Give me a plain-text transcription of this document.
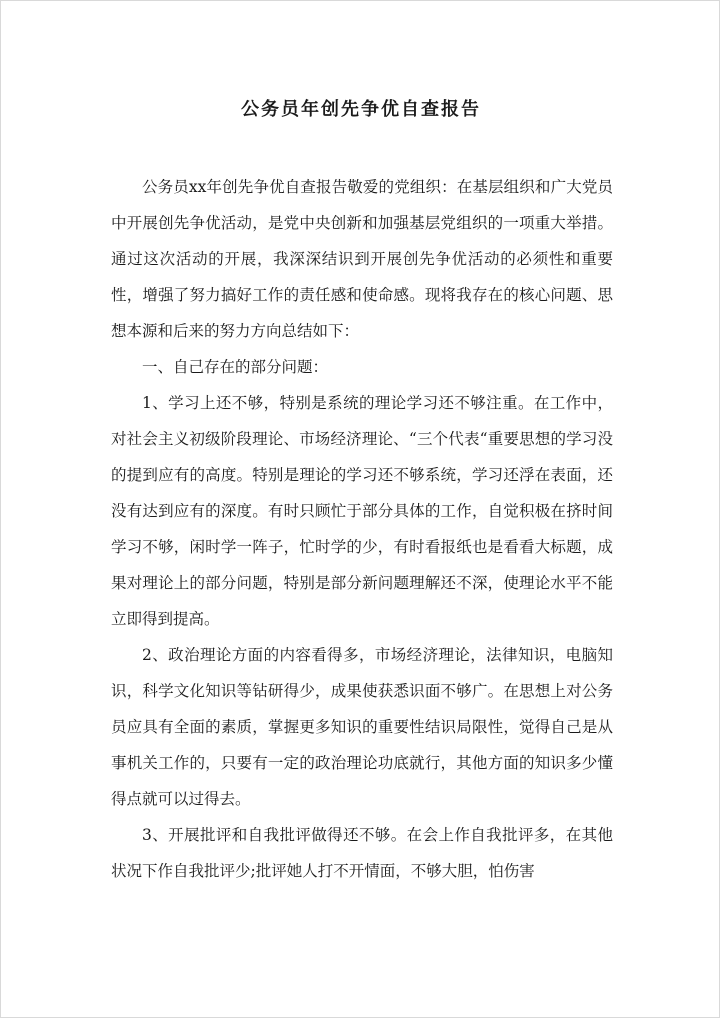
公务员年创先争优自查报告

公务员xx年创先争优自查报告敬爱的党组织：在基层组织和广大党员中开展创先争优活动，是党中央创新和加强基层党组织的一项重大举措。通过这次活动的开展，我深深结识到开展创先争优活动的必须性和重要性，增强了努力搞好工作的责任感和使命感。现将我存在的核心问题、思想本源和后来的努力方向总结如下：

一、自己存在的部分问题：

1、学习上还不够，特别是系统的理论学习还不够注重。在工作中，对社会主义初级阶段理论、市场经济理论、“三个代表“重要思想的学习没的提到应有的高度。特别是理论的学习还不够系统，学习还浮在表面，还没有达到应有的深度。有时只顾忙于部分具体的工作，自觉积极在挤时间学习不够，闲时学一阵子，忙时学的少，有时看报纸也是看看大标题，成果对理论上的部分问题，特别是部分新问题理解还不深，使理论水平不能立即得到提高。

2、政治理论方面的内容看得多，市场经济理论，法律知识，电脑知识，科学文化知识等钻研得少，成果使获悉识面不够广。在思想上对公务员应具有全面的素质，掌握更多知识的重要性结识局限性，觉得自己是从事机关工作的，只要有一定的政治理论功底就行，其他方面的知识多少懂得点就可以过得去。

3、开展批评和自我批评做得还不够。在会上作自我批评多，在其他状况下作自我批评少;批评她人打不开情面，不够大胆，怕伤害
